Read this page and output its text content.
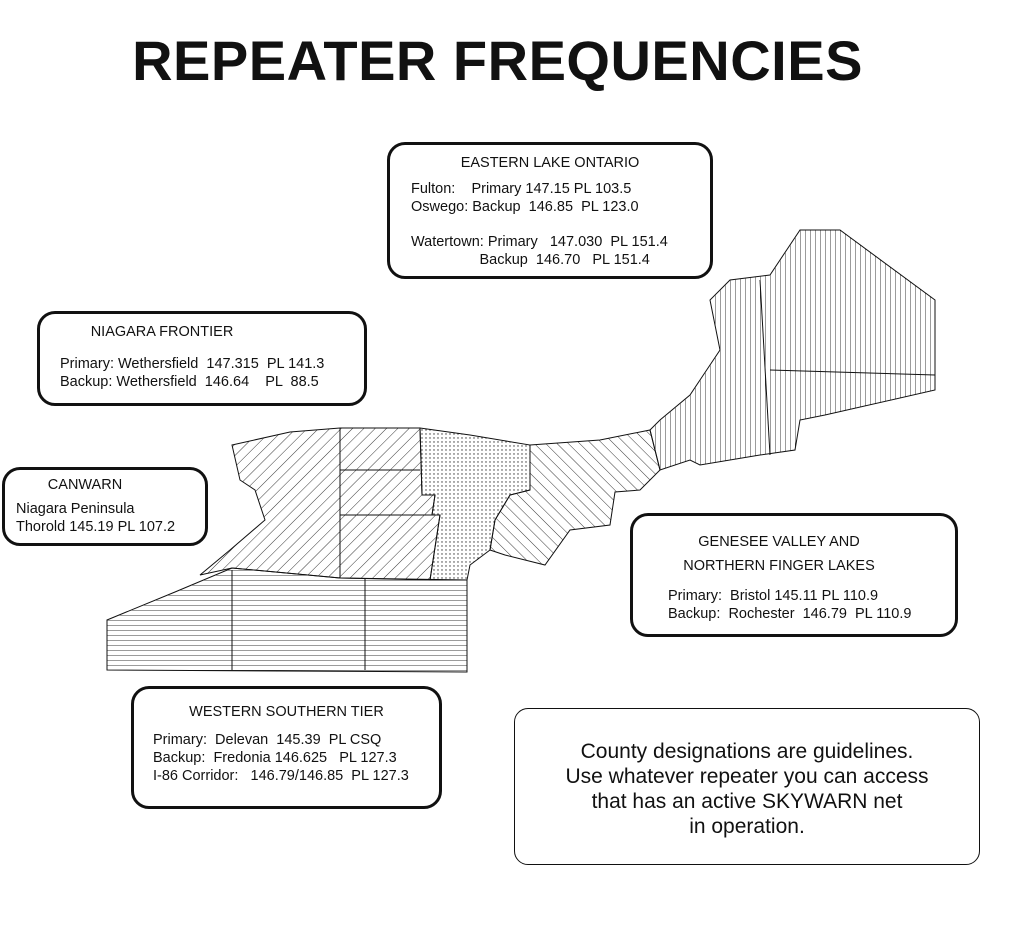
REPEATER FREQUENCIES
EASTERN LAKE ONTARIO
Fulton:    Primary 147.15 PL 103.5
Oswego: Backup  146.85  PL 123.0
Watertown: Primary   147.030  PL 151.4
Backup  146.70   PL 151.4
NIAGARA FRONTIER
Primary: Wethersfield  147.315  PL 141.3
Backup: Wethersfield  146.64    PL  88.5
CANWARN
Niagara Peninsula
Thorold 145.19 PL 107.2
GENESEE VALLEY AND
NORTHERN FINGER LAKES
Primary:  Bristol 145.11 PL 110.9
Backup:  Rochester  146.79  PL 110.9
WESTERN SOUTHERN TIER
Primary:  Delevan  145.39  PL CSQ
Backup:  Fredonia 146.625   PL 127.3
I-86 Corridor:   146.79/146.85  PL 127.3
County designations are guidelines.
Use whatever repeater you can access
that has an active SKYWARN net
in operation.
